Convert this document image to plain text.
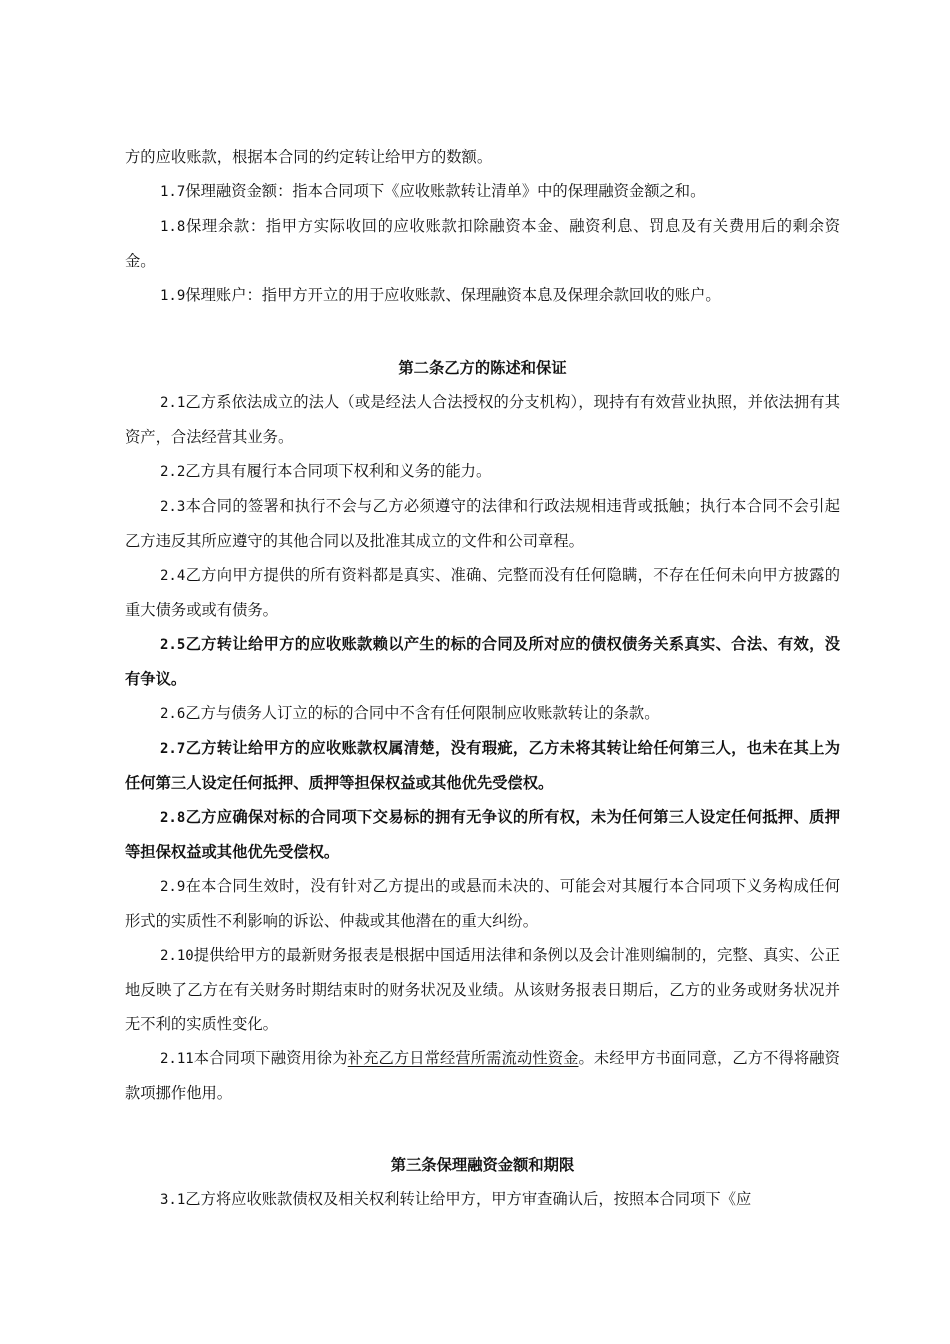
方的应收账款，根据本合同的约定转让给甲方的数额。

1.7保理融资金额：指本合同项下《应收账款转让清单》中的保理融资金额之和。

1.8保理余款：指甲方实际收回的应收账款扣除融资本金、融资利息、罚息及有关费用后的剩余资金。

1.9保理账户：指甲方开立的用于应收账款、保理融资本息及保理余款回收的账户。

第二条乙方的陈述和保证

2.1乙方系依法成立的法人（或是经法人合法授权的分支机构），现持有有效营业执照，并依法拥有其资产，合法经营其业务。

2.2乙方具有履行本合同项下权利和义务的能力。

2.3本合同的签署和执行不会与乙方必须遵守的法律和行政法规相违背或抵触；执行本合同不会引起乙方违反其所应遵守的其他合同以及批准其成立的文件和公司章程。

2.4乙方向甲方提供的所有资料都是真实、准确、完整而没有任何隐瞒，不存在任何未向甲方披露的重大债务或或有债务。

2.5乙方转让给甲方的应收账款赖以产生的标的合同及所对应的债权债务关系真实、合法、有效，没有争议。

2.6乙方与债务人订立的标的合同中不含有任何限制应收账款转让的条款。

2.7乙方转让给甲方的应收账款权属清楚，没有瑕疵，乙方未将其转让给任何第三人，也未在其上为任何第三人设定任何抵押、质押等担保权益或其他优先受偿权。

2.8乙方应确保对标的合同项下交易标的拥有无争议的所有权，未为任何第三人设定任何抵押、质押等担保权益或其他优先受偿权。

2.9在本合同生效时，没有针对乙方提出的或悬而未决的、可能会对其履行本合同项下义务构成任何形式的实质性不利影响的诉讼、仲裁或其他潜在的重大纠纷。

2.10提供给甲方的最新财务报表是根据中国适用法律和条例以及会计准则编制的，完整、真实、公正地反映了乙方在有关财务时期结束时的财务状况及业绩。从该财务报表日期后，乙方的业务或财务状况并无不利的实质性变化。

2.11本合同项下融资用徐为补充乙方日常经营所需流动性资金。未经甲方书面同意，乙方不得将融资款项挪作他用。

第三条保理融资金额和期限

3.1乙方将应收账款债权及相关权利转让给甲方，甲方审查确认后，按照本合同项下《应
